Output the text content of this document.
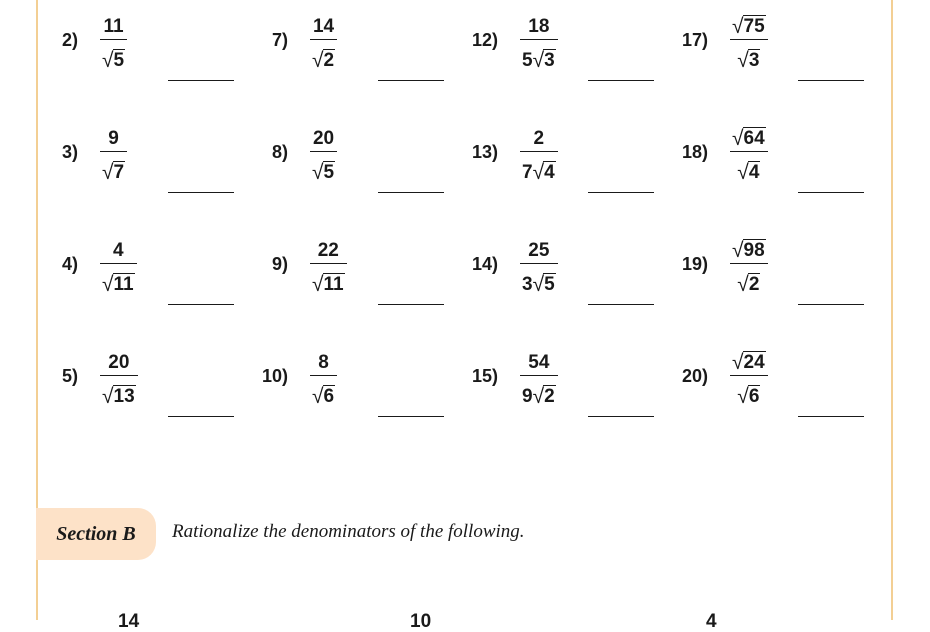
2)
11
√ 5
3)
9
√ 7
4)
4
√ 11
5)
20
√ 13
7)
14
√ 2
8)
20
√ 5
9)
22
√ 11
10)
8
√ 6
12)
18
5 √ 3
13)
2
7 √ 4
14)
25
3 √ 5
15)
54
9 √ 2
17)
√ 75
√ 3
18)
√ 64
√ 4
19)
√ 98
√ 2
20)
√ 24
√ 6
Section B	Rationalize the denominators of the following.
14	10	4
